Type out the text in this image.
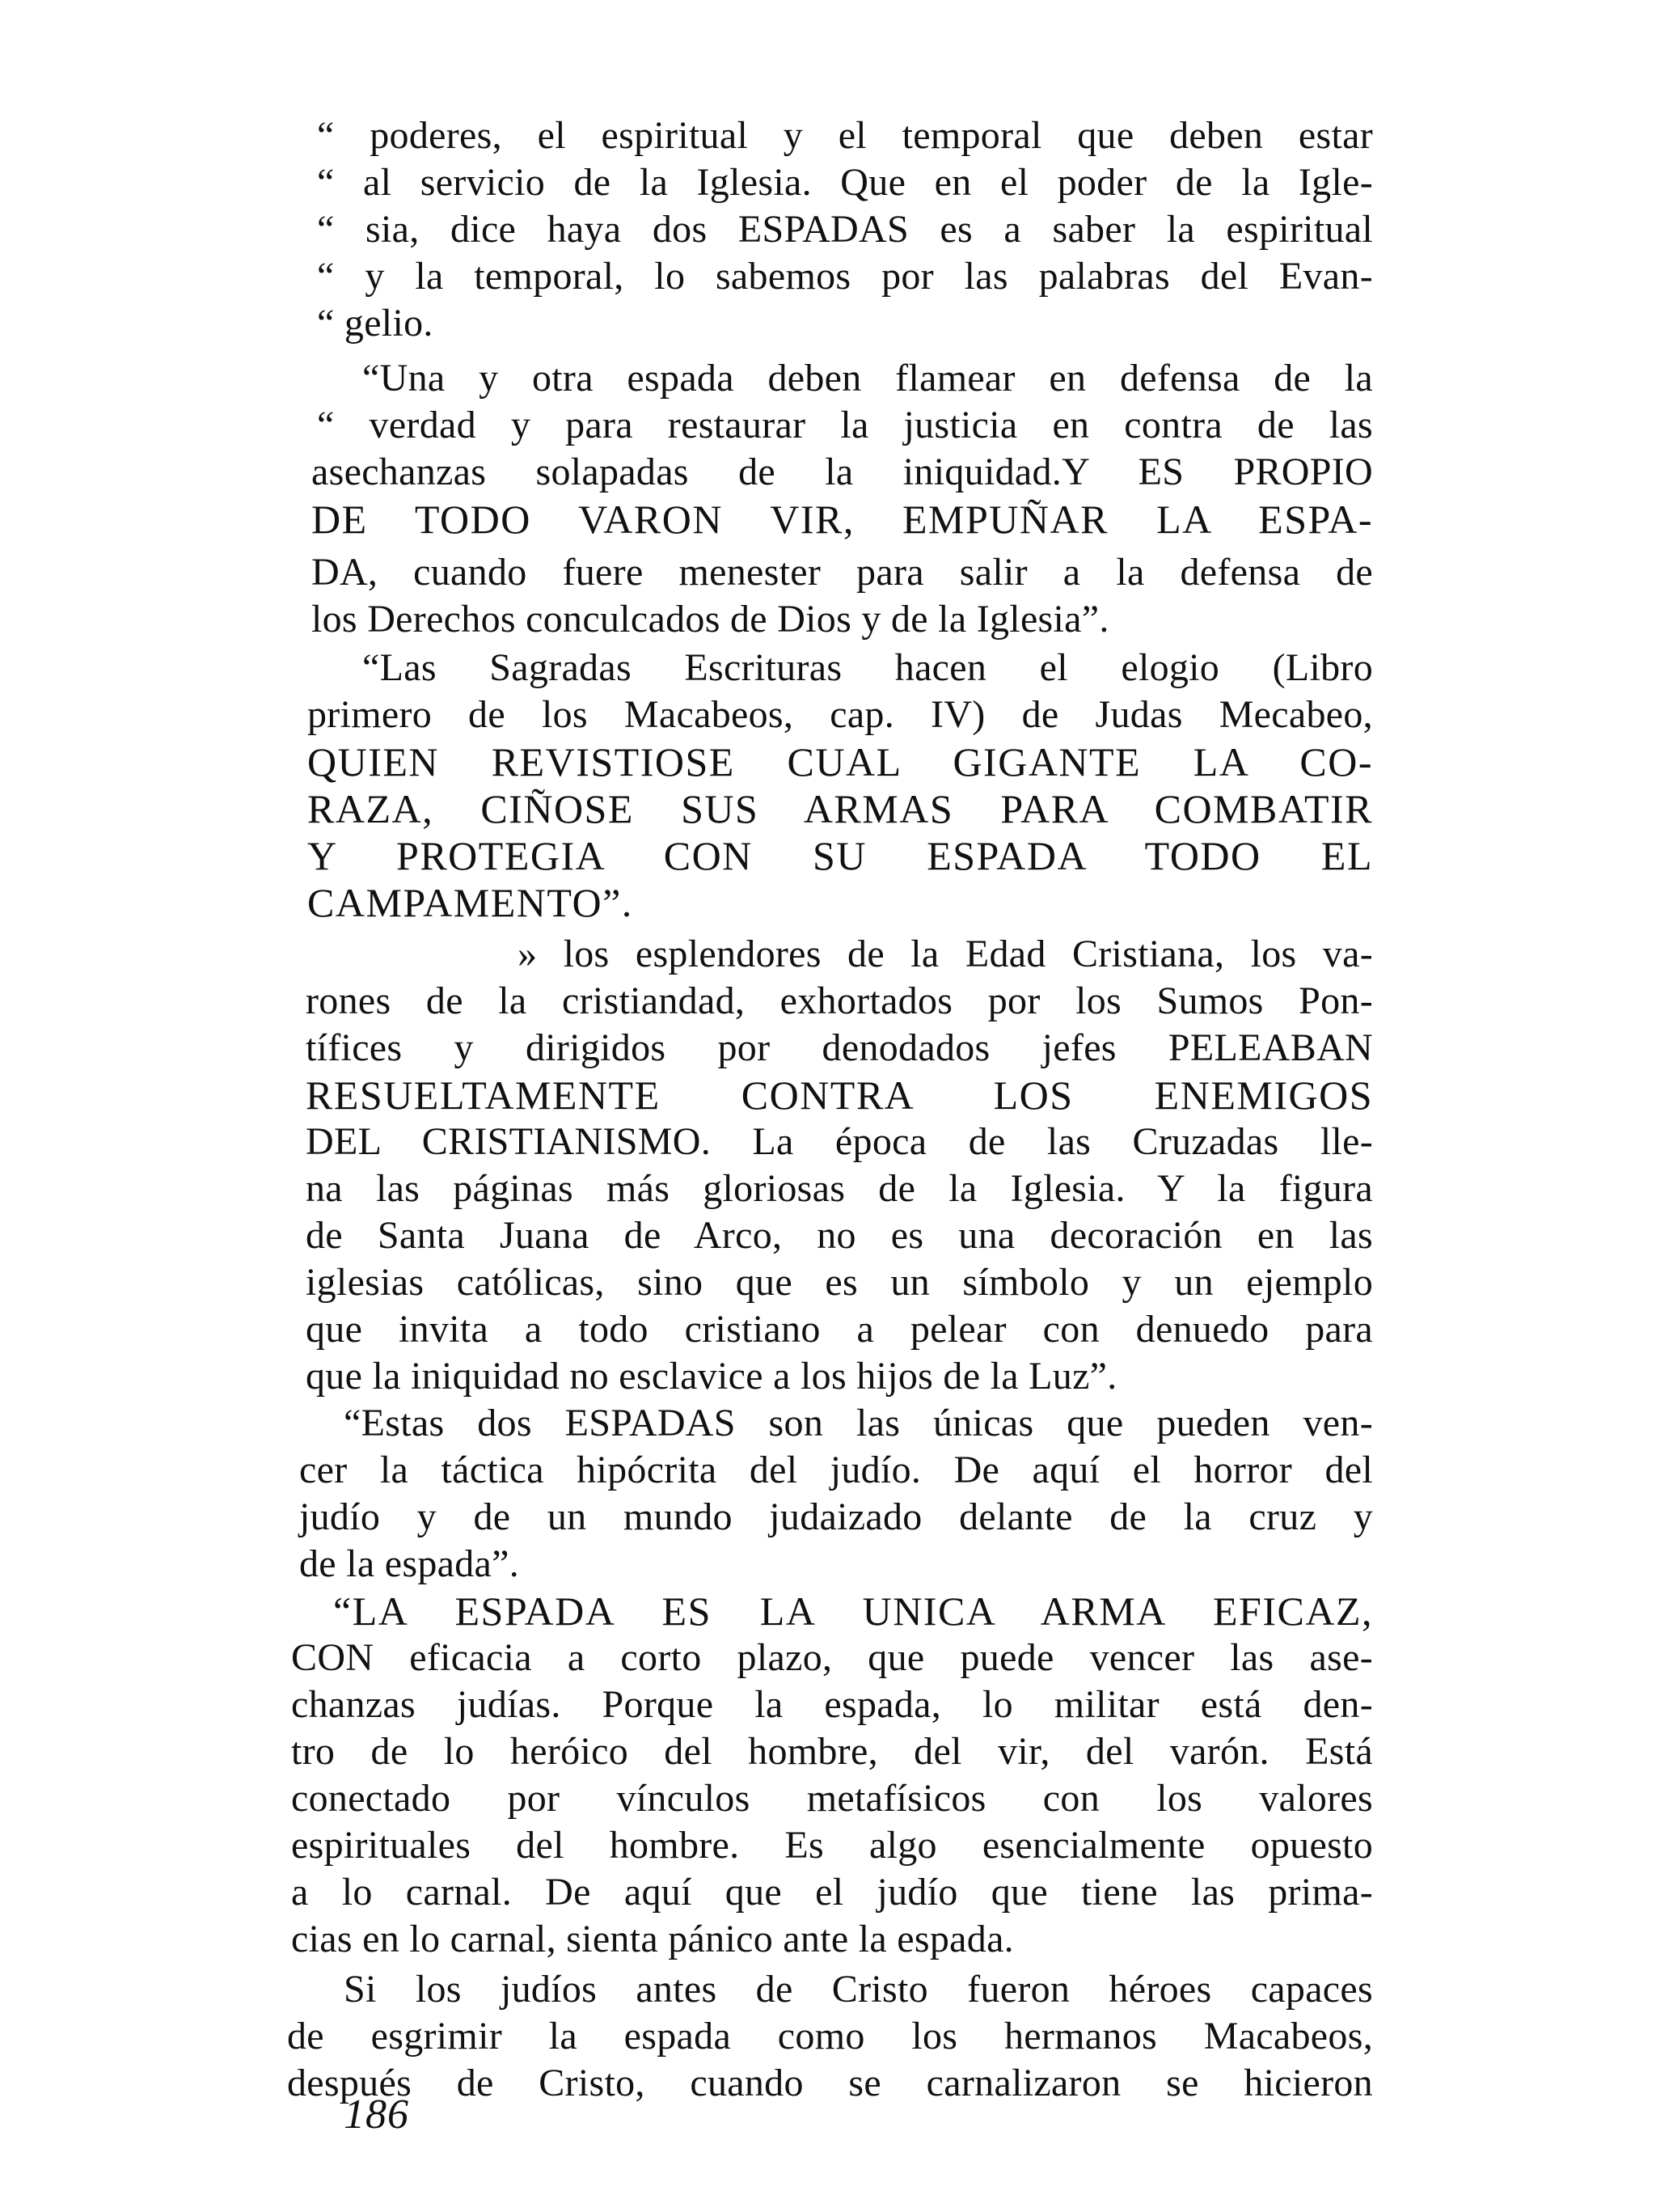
“ poderes, el espiritual y el temporal que deben estar
“ al servicio de la Iglesia. Que en el poder de la Igle-
“ sia, dice haya dos ESPADAS es a saber la espiritual
“ y la temporal, lo sabemos por las palabras del Evan-
“ gelio.
“Una y otra espada deben flamear en defensa de la
“ verdad y para restaurar la justicia en contra de las
asechanzas solapadas de la iniquidad.Y ES PROPIO
DE TODO VARON VIR, EMPUÑAR LA ESPA-
DA, cuando fuere menester para salir a la defensa de
los Derechos conculcados de Dios y de la Iglesia”.
“Las Sagradas Escrituras hacen el elogio (Libro
primero de los Macabeos, cap. IV) de Judas Mecabeo,
QUIEN REVISTIOSE CUAL GIGANTE LA CO-
RAZA, CIÑOSE SUS ARMAS PARA COMBATIR
Y PROTEGIA CON SU ESPADA TODO EL
CAMPAMENTO”.
» los esplendores de la Edad Cristiana, los va-
rones de la cristiandad, exhortados por los Sumos Pon-
tífices y dirigidos por denodados jefes PELEABAN
RESUELTAMENTE CONTRA LOS ENEMIGOS
DEL CRISTIANISMO. La época de las Cruzadas lle-
na las páginas más gloriosas de la Iglesia. Y la figura
de Santa Juana de Arco, no es una decoración en las
iglesias católicas, sino que es un símbolo y un ejemplo
que invita a todo cristiano a pelear con denuedo para
que la iniquidad no esclavice a los hijos de la Luz”.
“Estas dos ESPADAS son las únicas que pueden ven-
cer la táctica hipócrita del judío. De aquí el horror del
judío y de un mundo judaizado delante de la cruz y
de la espada”.
“LA ESPADA ES LA UNICA ARMA EFICAZ,
CON eficacia a corto plazo, que puede vencer las ase-
chanzas judías. Porque la espada, lo militar está den-
tro de lo heróico del hombre, del vir, del varón. Está
conectado por vínculos metafísicos con los valores
espirituales del hombre. Es algo esencialmente opuesto
a lo carnal. De aquí que el judío que tiene las prima-
cias en lo carnal, sienta pánico ante la espada.
Si los judíos antes de Cristo fueron héroes capaces
de esgrimir la espada como los hermanos Macabeos,
después de Cristo, cuando se carnalizaron se hicieron
186
